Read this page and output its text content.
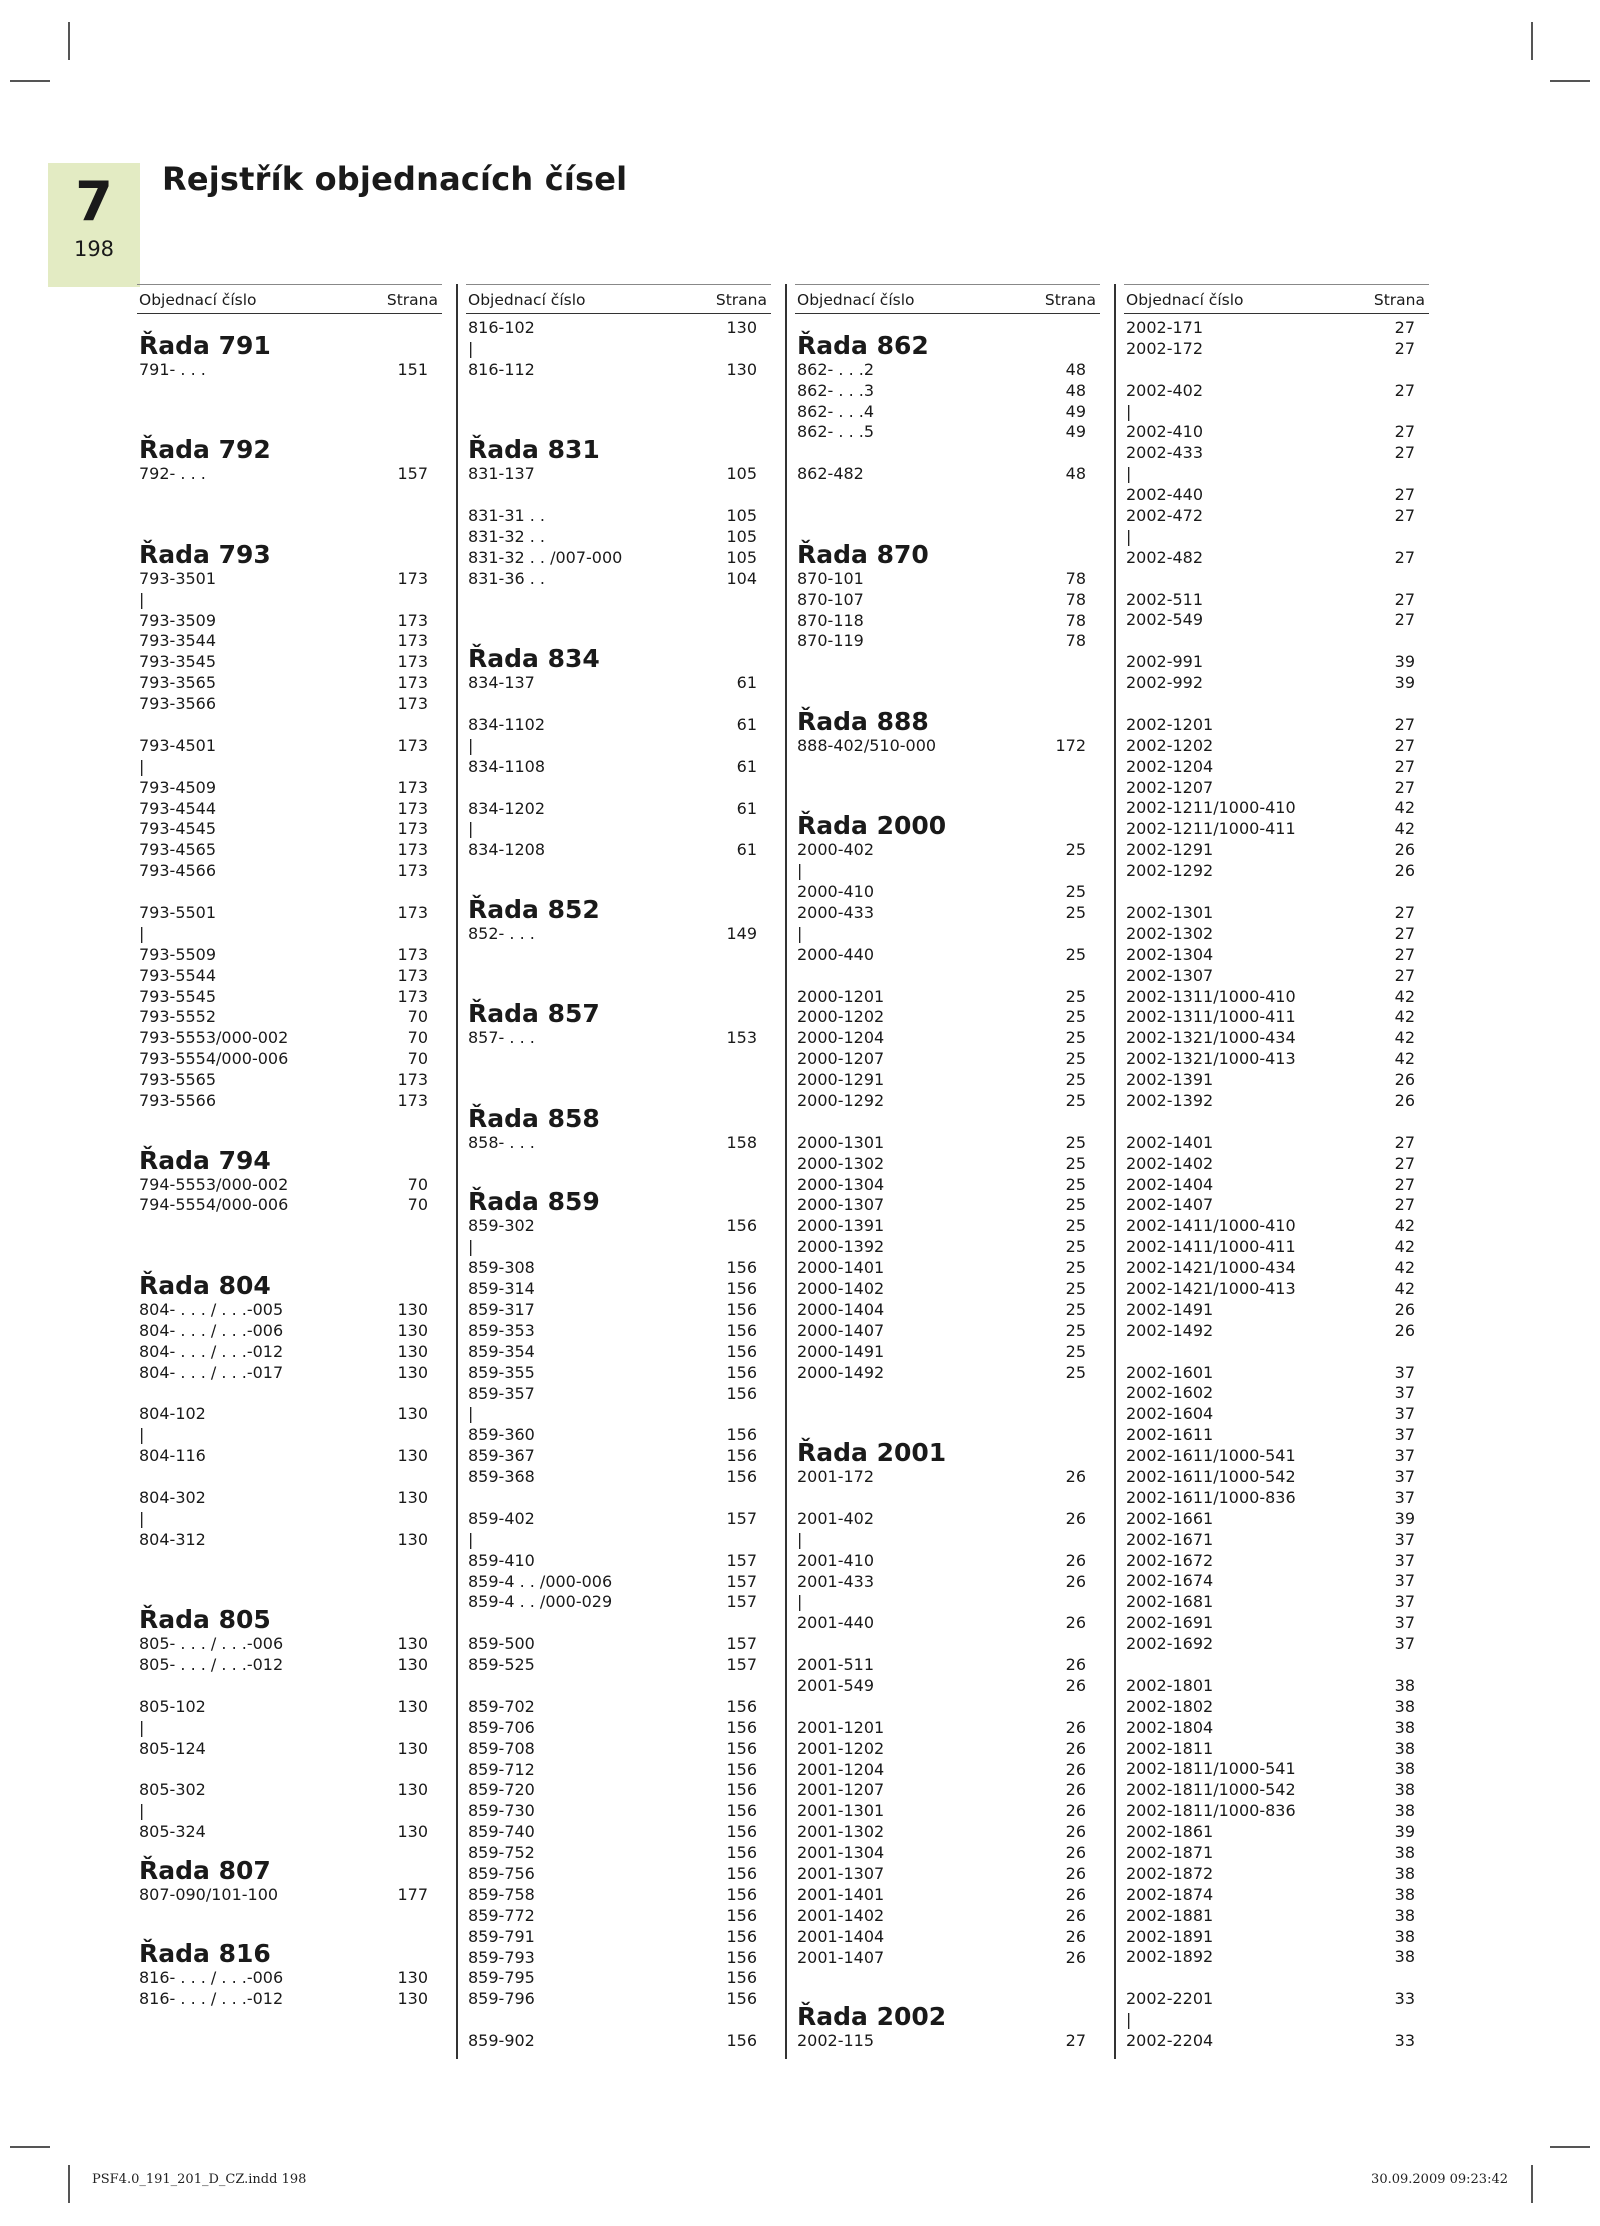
7
198
Rejstřík objednacích čísel
Objednací číslo	Strana
Řada 791
791- . . .	151
Řada 792
792- . . .	157
Řada 793
793-3501	173
|
793-3509	173
793-3544	173
793-3545	173
793-3565	173
793-3566	173
793-4501	173
|
793-4509	173
793-4544	173
793-4545	173
793-4565	173
793-4566	173
793-5501	173
|
793-5509	173
793-5544	173
793-5545	173
793-5552	70
793-5553/000-002	70
793-5554/000-006	70
793-5565	173
793-5566	173
Řada 794
794-5553/000-002	70
794-5554/000-006	70
Řada 804
804- . . . / . . .-005	130
804- . . . / . . .-006	130
804- . . . / . . .-012	130
804- . . . / . . .-017	130
804-102	130
|
804-116	130
804-302	130
|
804-312	130
Řada 805
805- . . . / . . .-006	130
805- . . . / . . .-012	130
805-102	130
|
805-124	130
805-302	130
|
805-324	130
Řada 807
807-090/101-100	177
Řada 816
816- . . . / . . .-006	130
816- . . . / . . .-012	130
Objednací číslo	Strana
816-102	130
|
816-112	130
Řada 831
831-137	105
831-31 . .	105
831-32 . .	105
831-32 . . /007-000	105
831-36 . .	104
Řada 834
834-137	61
834-1102	61
|
834-1108	61
834-1202	61
|
834-1208	61
Řada 852
852- . . .	149
Řada 857
857- . . .	153
Řada 858
858- . . .	158
Řada 859
859-302	156
|
859-308	156
859-314	156
859-317	156
859-353	156
859-354	156
859-355	156
859-357	156
|
859-360	156
859-367	156
859-368	156
859-402	157
|
859-410	157
859-4 . . /000-006	157
859-4 . . /000-029	157
859-500	157
859-525	157
859-702	156
859-706	156
859-708	156
859-712	156
859-720	156
859-730	156
859-740	156
859-752	156
859-756	156
859-758	156
859-772	156
859-791	156
859-793	156
859-795	156
859-796	156
859-902	156
Objednací číslo	Strana
Řada 862
862- . . .2	48
862- . . .3	48
862- . . .4	49
862- . . .5	49
862-482	48
Řada 870
870-101	78
870-107	78
870-118	78
870-119	78
Řada 888
888-402/510-000	172
Řada 2000
2000-402	25
|
2000-410	25
2000-433	25
|
2000-440	25
2000-1201	25
2000-1202	25
2000-1204	25
2000-1207	25
2000-1291	25
2000-1292	25
2000-1301	25
2000-1302	25
2000-1304	25
2000-1307	25
2000-1391	25
2000-1392	25
2000-1401	25
2000-1402	25
2000-1404	25
2000-1407	25
2000-1491	25
2000-1492	25
Řada 2001
2001-172	26
2001-402	26
|
2001-410	26
2001-433	26
|
2001-440	26
2001-511	26
2001-549	26
2001-1201	26
2001-1202	26
2001-1204	26
2001-1207	26
2001-1301	26
2001-1302	26
2001-1304	26
2001-1307	26
2001-1401	26
2001-1402	26
2001-1404	26
2001-1407	26
Řada 2002
2002-115	27
Objednací číslo	Strana
2002-171	27
2002-172	27
2002-402	27
|
2002-410	27
2002-433	27
|
2002-440	27
2002-472	27
|
2002-482	27
2002-511	27
2002-549	27
2002-991	39
2002-992	39
2002-1201	27
2002-1202	27
2002-1204	27
2002-1207	27
2002-1211/1000-410	42
2002-1211/1000-411	42
2002-1291	26
2002-1292	26
2002-1301	27
2002-1302	27
2002-1304	27
2002-1307	27
2002-1311/1000-410	42
2002-1311/1000-411	42
2002-1321/1000-434	42
2002-1321/1000-413	42
2002-1391	26
2002-1392	26
2002-1401	27
2002-1402	27
2002-1404	27
2002-1407	27
2002-1411/1000-410	42
2002-1411/1000-411	42
2002-1421/1000-434	42
2002-1421/1000-413	42
2002-1491	26
2002-1492	26
2002-1601	37
2002-1602	37
2002-1604	37
2002-1611	37
2002-1611/1000-541	37
2002-1611/1000-542	37
2002-1611/1000-836	37
2002-1661	39
2002-1671	37
2002-1672	37
2002-1674	37
2002-1681	37
2002-1691	37
2002-1692	37
2002-1801	38
2002-1802	38
2002-1804	38
2002-1811	38
2002-1811/1000-541	38
2002-1811/1000-542	38
2002-1811/1000-836	38
2002-1861	39
2002-1871	38
2002-1872	38
2002-1874	38
2002-1881	38
2002-1891	38
2002-1892	38
2002-2201	33
|
2002-2204	33
PSF4.0_191_201_D_CZ.indd 198	30.09.2009 09:23:42
